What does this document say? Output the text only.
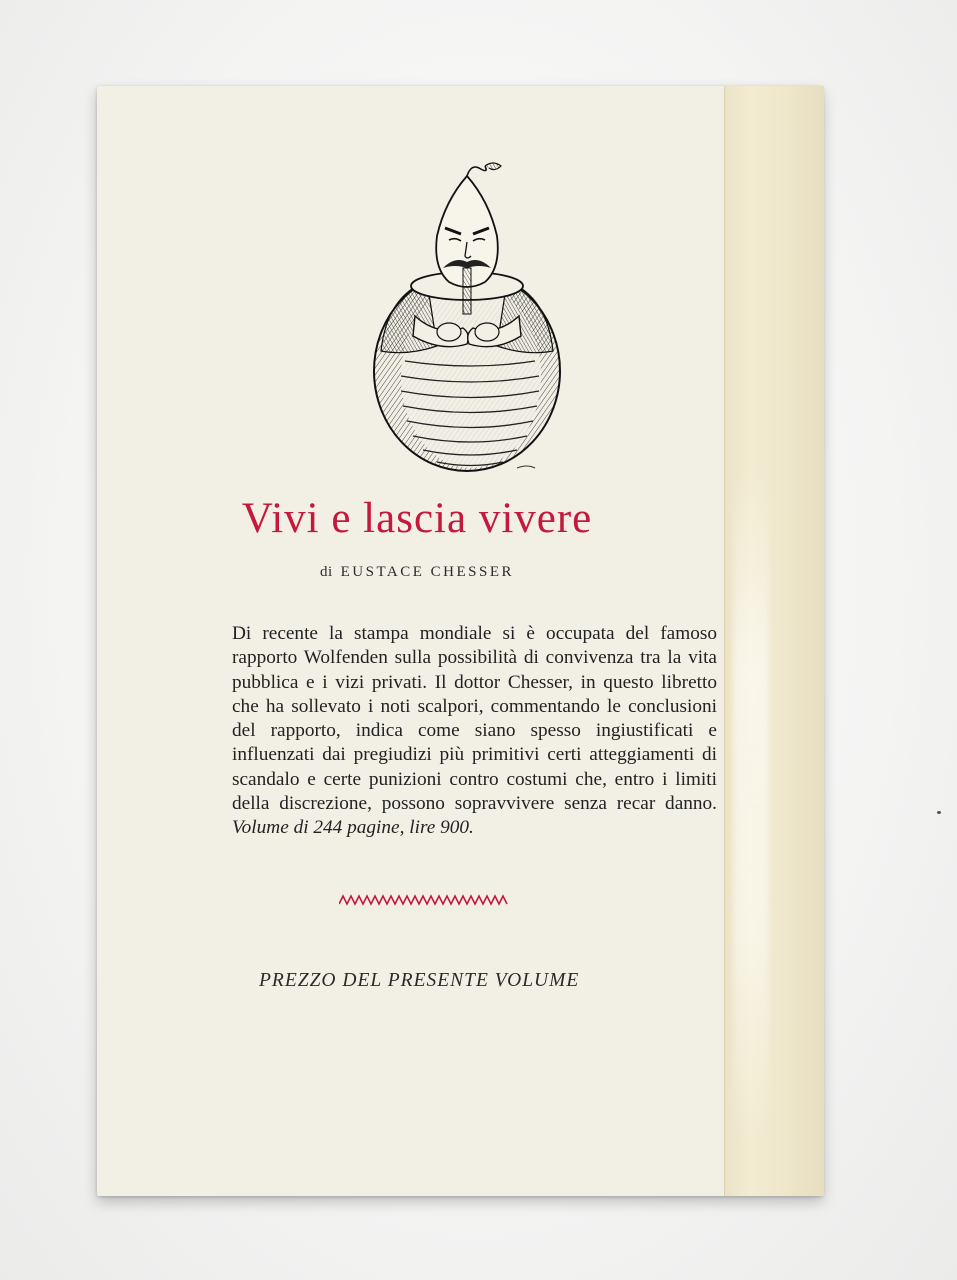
Vivi e lascia vivere
di EUSTACE CHESSER

Di recente la stampa mondiale si è occupata del famoso rapporto Wolfenden sulla possibilità di convivenza tra la vita pubblica e i vizi privati. Il dottor Chesser, in questo libretto che ha sollevato i noti scalpori, commentando le conclusioni del rapporto, indica come siano spesso ingiustificati e influenzati dai pregiudizi più primitivi certi atteggiamenti di scandalo e certe punizioni contro costumi che, entro i limiti della discrezione, possono sopravvivere senza recar danno. Volume di 244 pagine, lire 900.

PREZZO DEL PRESENTE VOLUME
